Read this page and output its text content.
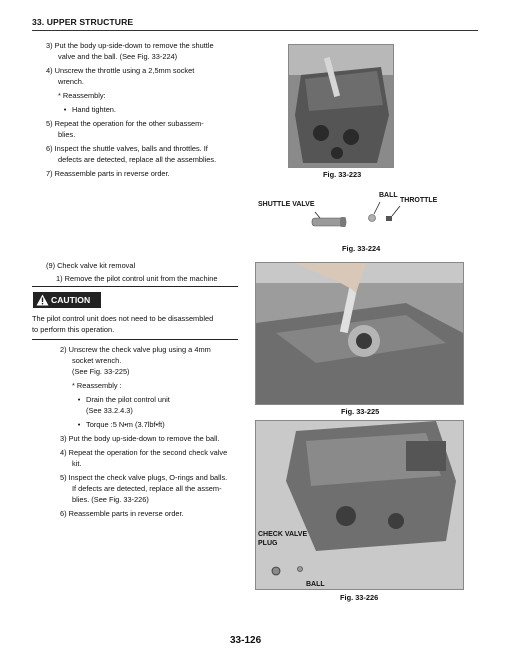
33. UPPER STRUCTURE
3) Put the body up-side-down to remove the shuttle
valve and the ball. (See Fig. 33-224)
4) Unscrew the throttle using a 2,5mm socket
wrench.
* Reassembly:
• Hand tighten.
5) Repeat the operation for the other subassem-
blies.
6) Inspect the shuttle valves, balls and throttles. If
defects are detected, replace all the assemblies.
7) Reassemble parts in reverse order.	Fig. 33-223
SHUTTLE VALVE
BALL
THROTTLE
Fig. 33-224
(9) Check valve kit removal
1) Remove the pilot control unit from the machine
CAUTION
The pilot control unit does not need to be disassembled
to perform this operation.
2) Unscrew the check valve plug using a 4mm
socket wrench.
(See Fig. 33-225)
* Reassembly :
• Drain the pilot control unit
(See 33.2.4.3)
• Torque :5 N•m (3.7lbf•ft)
3) Put the body up-side-down to remove the ball.
4) Repeat the operation for the second check valve
kit.
5) Inspect the check valve plugs, O-rings and balls.
If defects are detected, replace all the assem-
blies. (See Fig. 33-226)
6) Reassemble parts in reverse order.
Fig. 33-225
CHECK VALVE
PLUG
BALL
Fig. 33-226
33-126
